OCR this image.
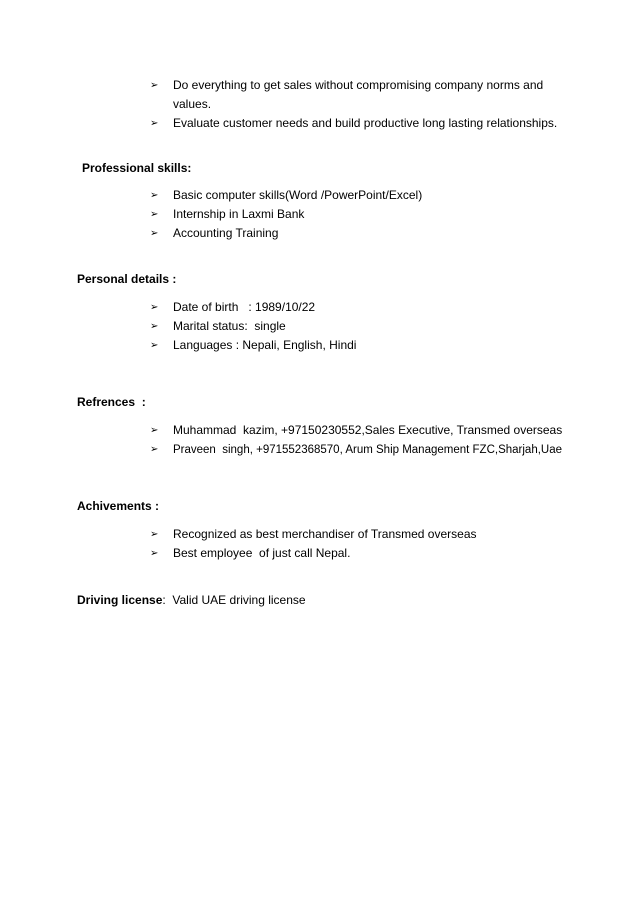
➢ Do everything to get sales without compromising company norms and
values.
➢ Evaluate customer needs and build productive long lasting relationships.
Professional skills:
➢ Basic computer skills(Word /PowerPoint/Excel)
➢ Internship in Laxmi Bank
➢ Accounting Training
Personal details :
➢ Date of birth   : 1989/10/22
➢ Marital status:  single
➢ Languages : Nepali, English, Hindi
Refrences  :
➢ Muhammad  kazim, +97150230552,Sales Executive, Transmed overseas
➢ Praveen  singh, +971552368570, Arum Ship Management FZC,Sharjah,Uae
Achivements :
➢ Recognized as best merchandiser of Transmed overseas
➢ Best employee  of just call Nepal.
Driving license:  Valid UAE driving license
